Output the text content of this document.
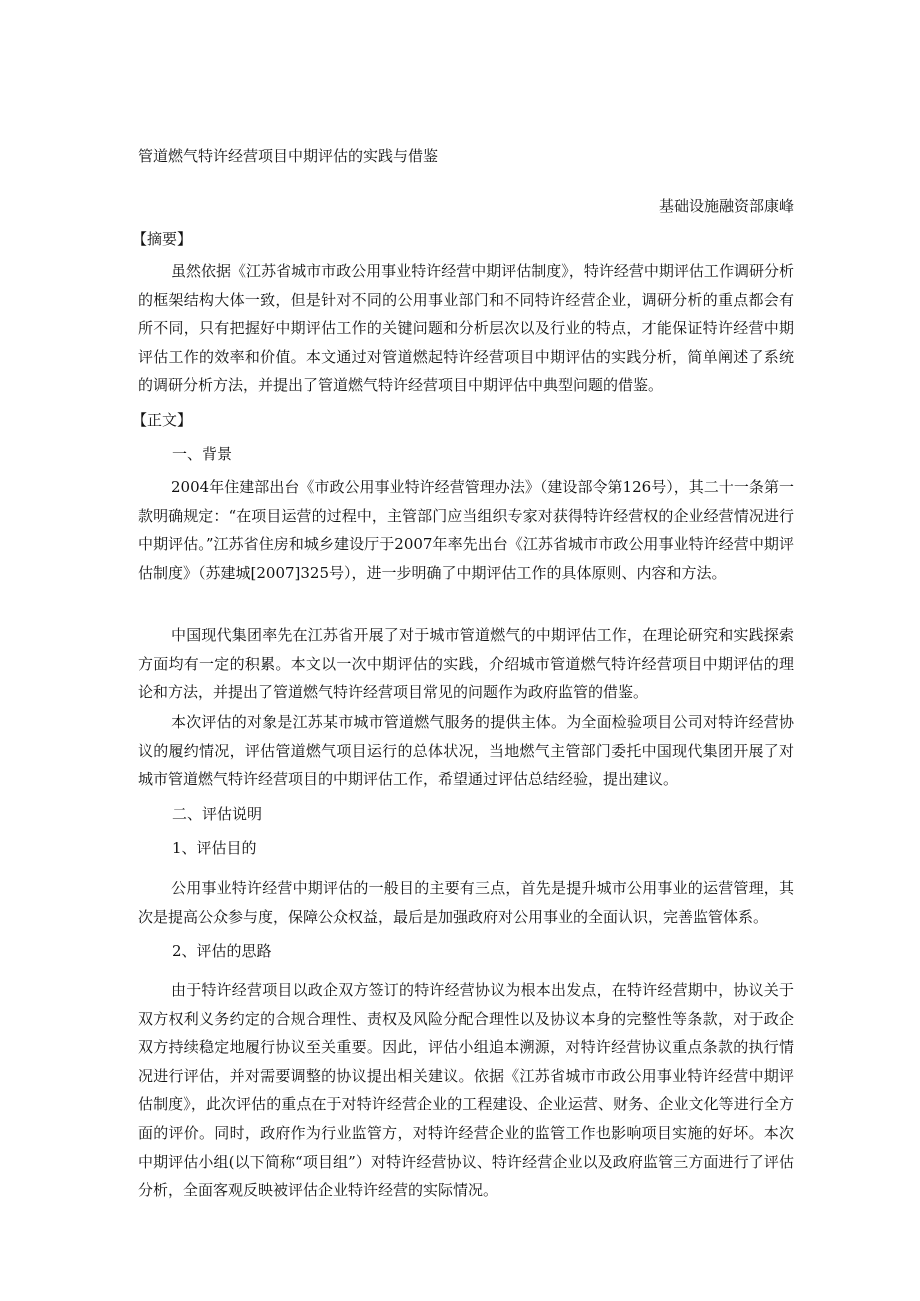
管道燃气特许经营项目中期评估的实践与借鉴
基础设施融资部康峰
【摘要】
虽然依据《江苏省城市市政公用事业特许经营中期评估制度》，特许经营中期评估工作调研分析的框架结构大体一致，但是针对不同的公用事业部门和不同特许经营企业，调研分析的重点都会有所不同，只有把握好中期评估工作的关键问题和分析层次以及行业的特点，才能保证特许经营中期评估工作的效率和价值。本文通过对管道燃起特许经营项目中期评估的实践分析，简单阐述了系统的调研分析方法，并提出了管道燃气特许经营项目中期评估中典型问题的借鉴。
【正文】
一、背景
2004年住建部出台《市政公用事业特许经营管理办法》（建设部令第126号），其二十一条第一款明确规定：“在项目运营的过程中，主管部门应当组织专家对获得特许经营权的企业经营情况进行中期评估。”江苏省住房和城乡建设厅于2007年率先出台《江苏省城市市政公用事业特许经营中期评估制度》（苏建城[2007]325号），进一步明确了中期评估工作的具体原则、内容和方法。
中国现代集团率先在江苏省开展了对于城市管道燃气的中期评估工作，在理论研究和实践探索方面均有一定的积累。本文以一次中期评估的实践，介绍城市管道燃气特许经营项目中期评估的理论和方法，并提出了管道燃气特许经营项目常见的问题作为政府监管的借鉴。
本次评估的对象是江苏某市城市管道燃气服务的提供主体。为全面检验项目公司对特许经营协议的履约情况，评估管道燃气项目运行的总体状况，当地燃气主管部门委托中国现代集团开展了对城市管道燃气特许经营项目的中期评估工作，希望通过评估总结经验，提出建议。
二、评估说明
1、评估目的
公用事业特许经营中期评估的一般目的主要有三点，首先是提升城市公用事业的运营管理，其次是提高公众参与度，保障公众权益，最后是加强政府对公用事业的全面认识，完善监管体系。
2、评估的思路
由于特许经营项目以政企双方签订的特许经营协议为根本出发点，在特许经营期中，协议关于双方权利义务约定的合规合理性、责权及风险分配合理性以及协议本身的完整性等条款，对于政企双方持续稳定地履行协议至关重要。因此，评估小组追本溯源，对特许经营协议重点条款的执行情况进行评估，并对需要调整的协议提出相关建议。依据《江苏省城市市政公用事业特许经营中期评估制度》，此次评估的重点在于对特许经营企业的工程建设、企业运营、财务、企业文化等进行全方面的评价。同时，政府作为行业监管方，对特许经营企业的监管工作也影响项目实施的好坏。本次中期评估小组(以下简称“项目组”）对特许经营协议、特许经营企业以及政府监管三方面进行了评估分析，全面客观反映被评估企业特许经营的实际情况。
